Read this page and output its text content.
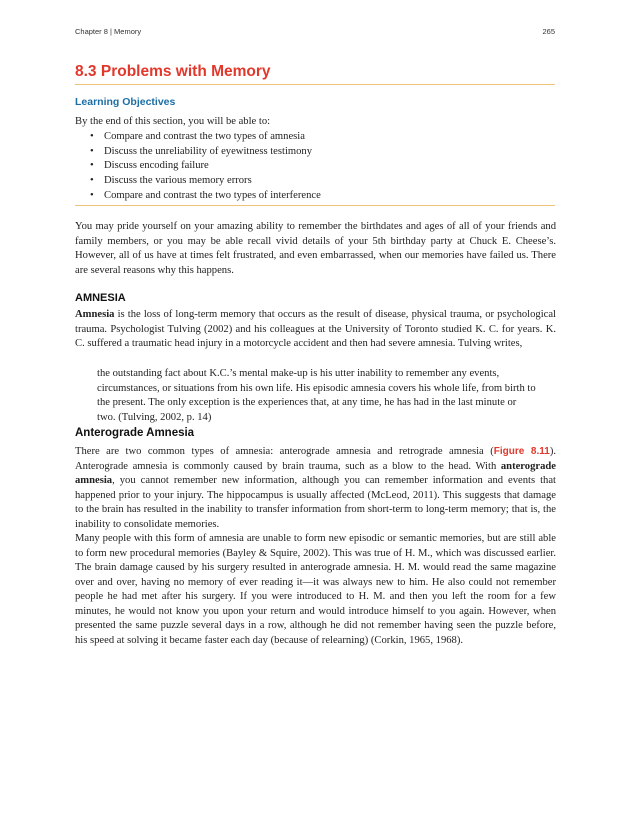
Chapter 8 | Memory	265
8.3 Problems with Memory
Learning Objectives
By the end of this section, you will be able to:
• Compare and contrast the two types of amnesia
• Discuss the unreliability of eyewitness testimony
• Discuss encoding failure
• Discuss the various memory errors
• Compare and contrast the two types of interference

You may pride yourself on your amazing ability to remember the birthdates and ages of all of your friends and family members, or you may be able recall vivid details of your 5th birthday party at Chuck E. Cheese’s. However, all of us have at times felt frustrated, and even embarrassed, when our memories have failed us. There are several reasons why this happens.

AMNESIA

Amnesia is the loss of long-term memory that occurs as the result of disease, physical trauma, or psychological trauma. Psychologist Tulving (2002) and his colleagues at the University of Toronto studied K. C. for years. K. C. suffered a traumatic head injury in a motorcycle accident and then had severe amnesia. Tulving writes,

the outstanding fact about K.C.’s mental make-up is his utter inability to remember any events, circumstances, or situations from his own life. His episodic amnesia covers his whole life, from birth to the present. The only exception is the experiences that, at any time, he has had in the last minute or two. (Tulving, 2002, p. 14)

Anterograde Amnesia

There are two common types of amnesia: anterograde amnesia and retrograde amnesia (Figure 8.11). Anterograde amnesia is commonly caused by brain trauma, such as a blow to the head. With anterograde amnesia, you cannot remember new information, although you can remember information and events that happened prior to your injury. The hippocampus is usually affected (McLeod, 2011). This suggests that damage to the brain has resulted in the inability to transfer information from short-term to long-term memory; that is, the inability to consolidate memories.

Many people with this form of amnesia are unable to form new episodic or semantic memories, but are still able to form new procedural memories (Bayley & Squire, 2002). This was true of H. M., which was discussed earlier. The brain damage caused by his surgery resulted in anterograde amnesia. H. M. would read the same magazine over and over, having no memory of ever reading it—it was always new to him. He also could not remember people he had met after his surgery. If you were introduced to H. M. and then you left the room for a few minutes, he would not know you upon your return and would introduce himself to you again. However, when presented the same puzzle several days in a row, although he did not remember having seen the puzzle before, his speed at solving it became faster each day (because of relearning) (Corkin, 1965, 1968).
